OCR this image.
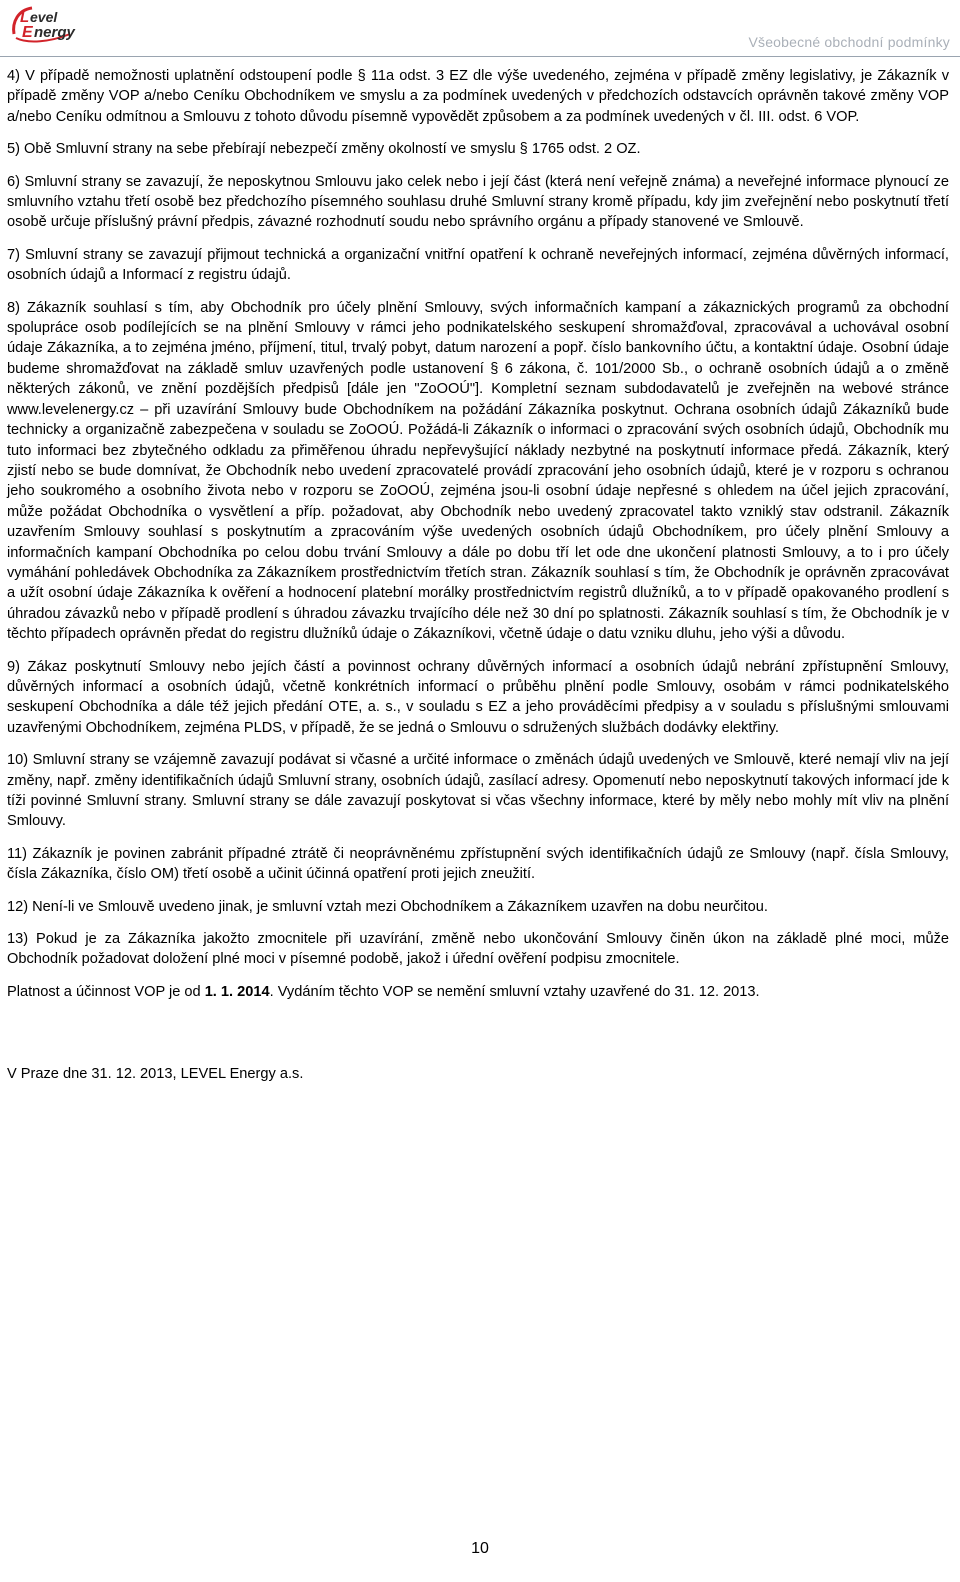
L evel
E nergy
Všeobecné obchodní podmínky

4) V případě nemožnosti uplatnění odstoupení podle § 11a odst. 3 EZ dle výše uvedeného, zejména v případě změny legislativy, je Zákazník v případě změny VOP a/nebo Ceníku Obchodníkem ve smyslu a za podmínek uvedených v předchozích odstavcích oprávněn takové změny VOP a/nebo Ceníku odmítnou a Smlouvu z tohoto důvodu písemně vypovědět způsobem a za podmínek uvedených v čl. III. odst. 6 VOP.

5) Obě Smluvní strany na sebe přebírají nebezpečí změny okolností ve smyslu § 1765 odst. 2 OZ.

6) Smluvní strany se zavazují, že neposkytnou Smlouvu jako celek nebo i její část (která není veřejně známa) a neveřejné informace plynoucí ze smluvního vztahu třetí osobě bez předchozího písemného souhlasu druhé Smluvní strany kromě případu, kdy jim zveřejnění nebo poskytnutí třetí osobě určuje příslušný právní předpis, závazné rozhodnutí soudu nebo správního orgánu a případy stanovené ve Smlouvě.

7) Smluvní strany se zavazují přijmout technická a organizační vnitřní opatření k ochraně neveřejných informací, zejména důvěrných informací, osobních údajů a Informací z registru údajů.

8) Zákazník souhlasí s tím, aby Obchodník pro účely plnění Smlouvy, svých informačních kampaní a zákaznických programů za obchodní spolupráce osob podílejících se na plnění Smlouvy v rámci jeho podnikatelského seskupení shromažďoval, zpracovával a uchovával osobní údaje Zákazníka, a to zejména jméno, příjmení, titul, trvalý pobyt, datum narození a popř. číslo bankovního účtu, a kontaktní údaje. Osobní údaje budeme shromažďovat na základě smluv uzavřených podle ustanovení § 6 zákona, č. 101/2000 Sb., o ochraně osobních údajů a o změně některých zákonů, ve znění pozdějších předpisů [dále jen "ZoOOÚ"]. Kompletní seznam subdodavatelů je zveřejněn na webové stránce www.levelenergy.cz – při uzavírání Smlouvy bude Obchodníkem na požádání Zákazníka poskytnut. Ochrana osobních údajů Zákazníků bude technicky a organizačně zabezpečena v souladu se ZoOOÚ. Požádá-li Zákazník o informaci o zpracování svých osobních údajů, Obchodník mu tuto informaci bez zbytečného odkladu za přiměřenou úhradu nepřevyšující náklady nezbytné na poskytnutí informace předá. Zákazník, který zjistí nebo se bude domnívat, že Obchodník nebo uvedení zpracovatelé provádí zpracování jeho osobních údajů, které je v rozporu s ochranou jeho soukromého a osobního života nebo v rozporu se ZoOOÚ, zejména jsou-li osobní údaje nepřesné s ohledem na účel jejich zpracování, může požádat Obchodníka o vysvětlení a příp. požadovat, aby Obchodník nebo uvedený zpracovatel takto vzniklý stav odstranil. Zákazník uzavřením Smlouvy souhlasí s poskytnutím a zpracováním výše uvedených osobních údajů Obchodníkem, pro účely plnění Smlouvy a informačních kampaní Obchodníka po celou dobu trvání Smlouvy a dále po dobu tří let ode dne ukončení platnosti Smlouvy, a to i pro účely vymáhání pohledávek Obchodníka za Zákazníkem prostřednictvím třetích stran. Zákazník souhlasí s tím, že Obchodník je oprávněn zpracovávat a užít osobní údaje Zákazníka k ověření a hodnocení platební morálky prostřednictvím registrů dlužníků, a to v případě opakovaného prodlení s úhradou závazků nebo v případě prodlení s úhradou závazku trvajícího déle než 30 dní po splatnosti. Zákazník souhlasí s tím, že Obchodník je v těchto případech oprávněn předat do registru dlužníků údaje o Zákazníkovi, včetně údaje o datu vzniku dluhu, jeho výši a důvodu.

9) Zákaz poskytnutí Smlouvy nebo jejích částí a povinnost ochrany důvěrných informací a osobních údajů nebrání zpřístupnění Smlouvy, důvěrných informací a osobních údajů, včetně konkrétních informací o průběhu plnění podle Smlouvy, osobám v rámci podnikatelského seskupení Obchodníka a dále též jejich předání OTE, a. s., v souladu s EZ a jeho prováděcími předpisy a v souladu s příslušnými smlouvami uzavřenými Obchodníkem, zejména PLDS, v případě, že se jedná o Smlouvu o sdružených službách dodávky elektřiny.

10) Smluvní strany se vzájemně zavazují podávat si včasné a určité informace o změnách údajů uvedených ve Smlouvě, které nemají vliv na její změny, např. změny identifikačních údajů Smluvní strany, osobních údajů, zasílací adresy. Opomenutí nebo neposkytnutí takových informací jde k tíži povinné Smluvní strany. Smluvní strany se dále zavazují poskytovat si včas všechny informace, které by měly nebo mohly mít vliv na plnění Smlouvy.

11) Zákazník je povinen zabránit případné ztrátě či neoprávněnému zpřístupnění svých identifikačních údajů ze Smlouvy (např. čísla Smlouvy, čísla Zákazníka, číslo OM) třetí osobě a učinit účinná opatření proti jejich zneužití.

12) Není-li ve Smlouvě uvedeno jinak, je smluvní vztah mezi Obchodníkem a Zákazníkem uzavřen na dobu neurčitou.

13) Pokud je za Zákazníka jakožto zmocnitele při uzavírání, změně nebo ukončování Smlouvy činěn úkon na základě plné moci, může Obchodník požadovat doložení plné moci v písemné podobě, jakož i úřední ověření podpisu zmocnitele.

Platnost a účinnost VOP je od 1. 1. 2014. Vydáním těchto VOP se nemění smluvní vztahy uzavřené do 31. 12. 2013.

V Praze dne 31. 12. 2013, LEVEL Energy a.s.

10
